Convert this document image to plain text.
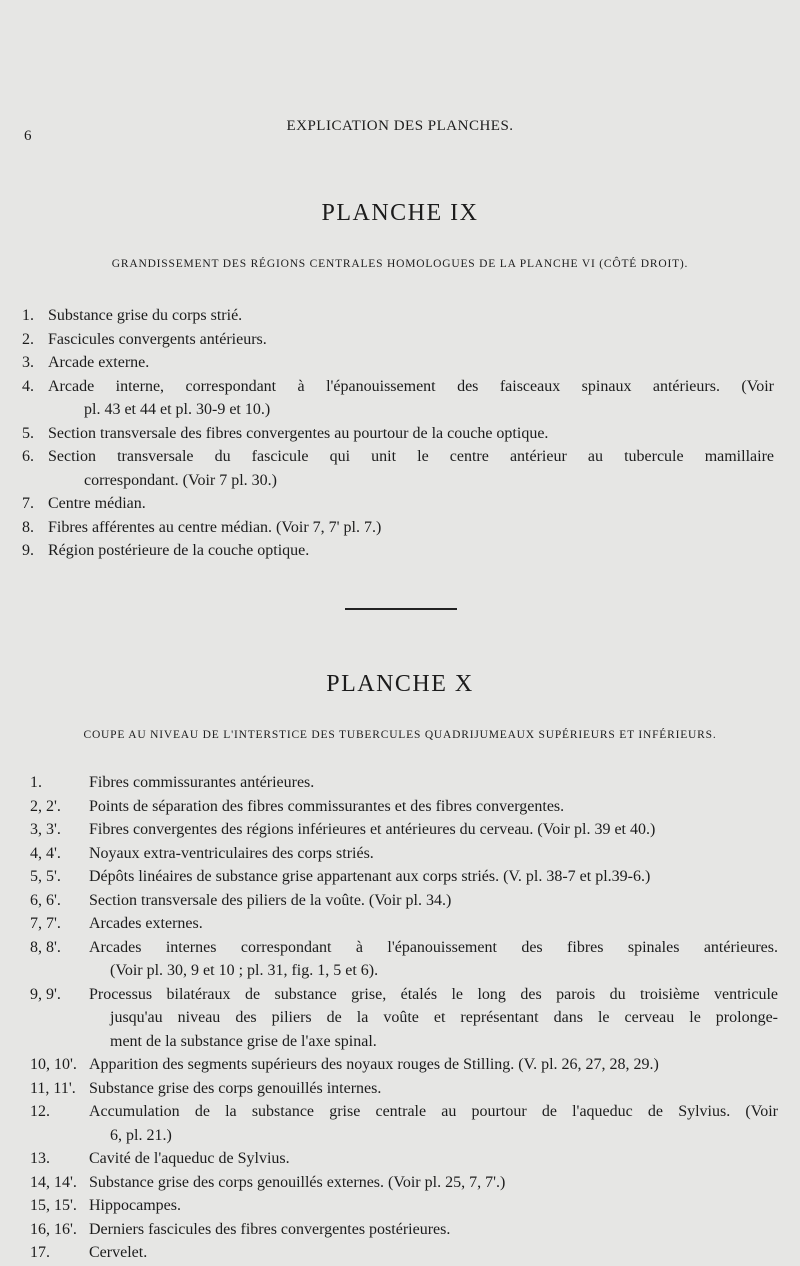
6
EXPLICATION DES PLANCHES.
PLANCHE IX
GRANDISSEMENT DES RÉGIONS CENTRALES HOMOLOGUES DE LA PLANCHE VI (CÔTÉ DROIT).
1. Substance grise du corps strié.
2. Fascicules convergents antérieurs.
3. Arcade externe.
4. Arcade interne, correspondant à l'épanouissement des faisceaux spinaux antérieurs. (Voir
pl. 43 et 44 et pl. 30-9 et 10.)
5. Section transversale des fibres convergentes au pourtour de la couche optique.
6. Section transversale du fascicule qui unit le centre antérieur au tubercule mamillaire
correspondant. (Voir 7 pl. 30.)
7. Centre médian.
8. Fibres afférentes au centre médian. (Voir 7, 7' pl. 7.)
9. Région postérieure de la couche optique.
PLANCHE X
COUPE AU NIVEAU DE L'INTERSTICE DES TUBERCULES QUADRIJUMEAUX SUPÉRIEURS ET INFÉRIEURS.
1.	Fibres commissurantes antérieures.
2, 2'. Points de séparation des fibres commissurantes et des fibres convergentes.
3, 3'. Fibres convergentes des régions inférieures et antérieures du cerveau. (Voir pl. 39 et 40.)
4, 4'. Noyaux extra-ventriculaires des corps striés.
5, 5'. Dépôts linéaires de substance grise appartenant aux corps striés. (V. pl. 38-7 et pl.39-6.)
6, 6'. Section transversale des piliers de la voûte. (Voir pl. 34.)
7, 7'. Arcades externes.
8, 8'. Arcades internes correspondant à l'épanouissement des fibres spinales antérieures.
(Voir pl. 30, 9 et 10 ; pl. 31, fig. 1, 5 et 6).
9, 9'. Processus bilatéraux de substance grise, étalés le long des parois du troisième ventricule
jusqu'au niveau des piliers de la voûte et représentant dans le cerveau le prolonge-
ment de la substance grise de l'axe spinal.
10, 10'. Apparition des segments supérieurs des noyaux rouges de Stilling. (V. pl. 26, 27, 28, 29.)
11, 11'. Substance grise des corps genouillés internes.
12. Accumulation de la substance grise centrale au pourtour de l'aqueduc de Sylvius. (Voir
6, pl. 21.)
13. Cavité de l'aqueduc de Sylvius.
14, 14'. Substance grise des corps genouillés externes. (Voir pl. 25, 7, 7'.)
15, 15'. Hippocampes.
16, 16'. Derniers fascicules des fibres convergentes postérieures.
17. Cervelet.
